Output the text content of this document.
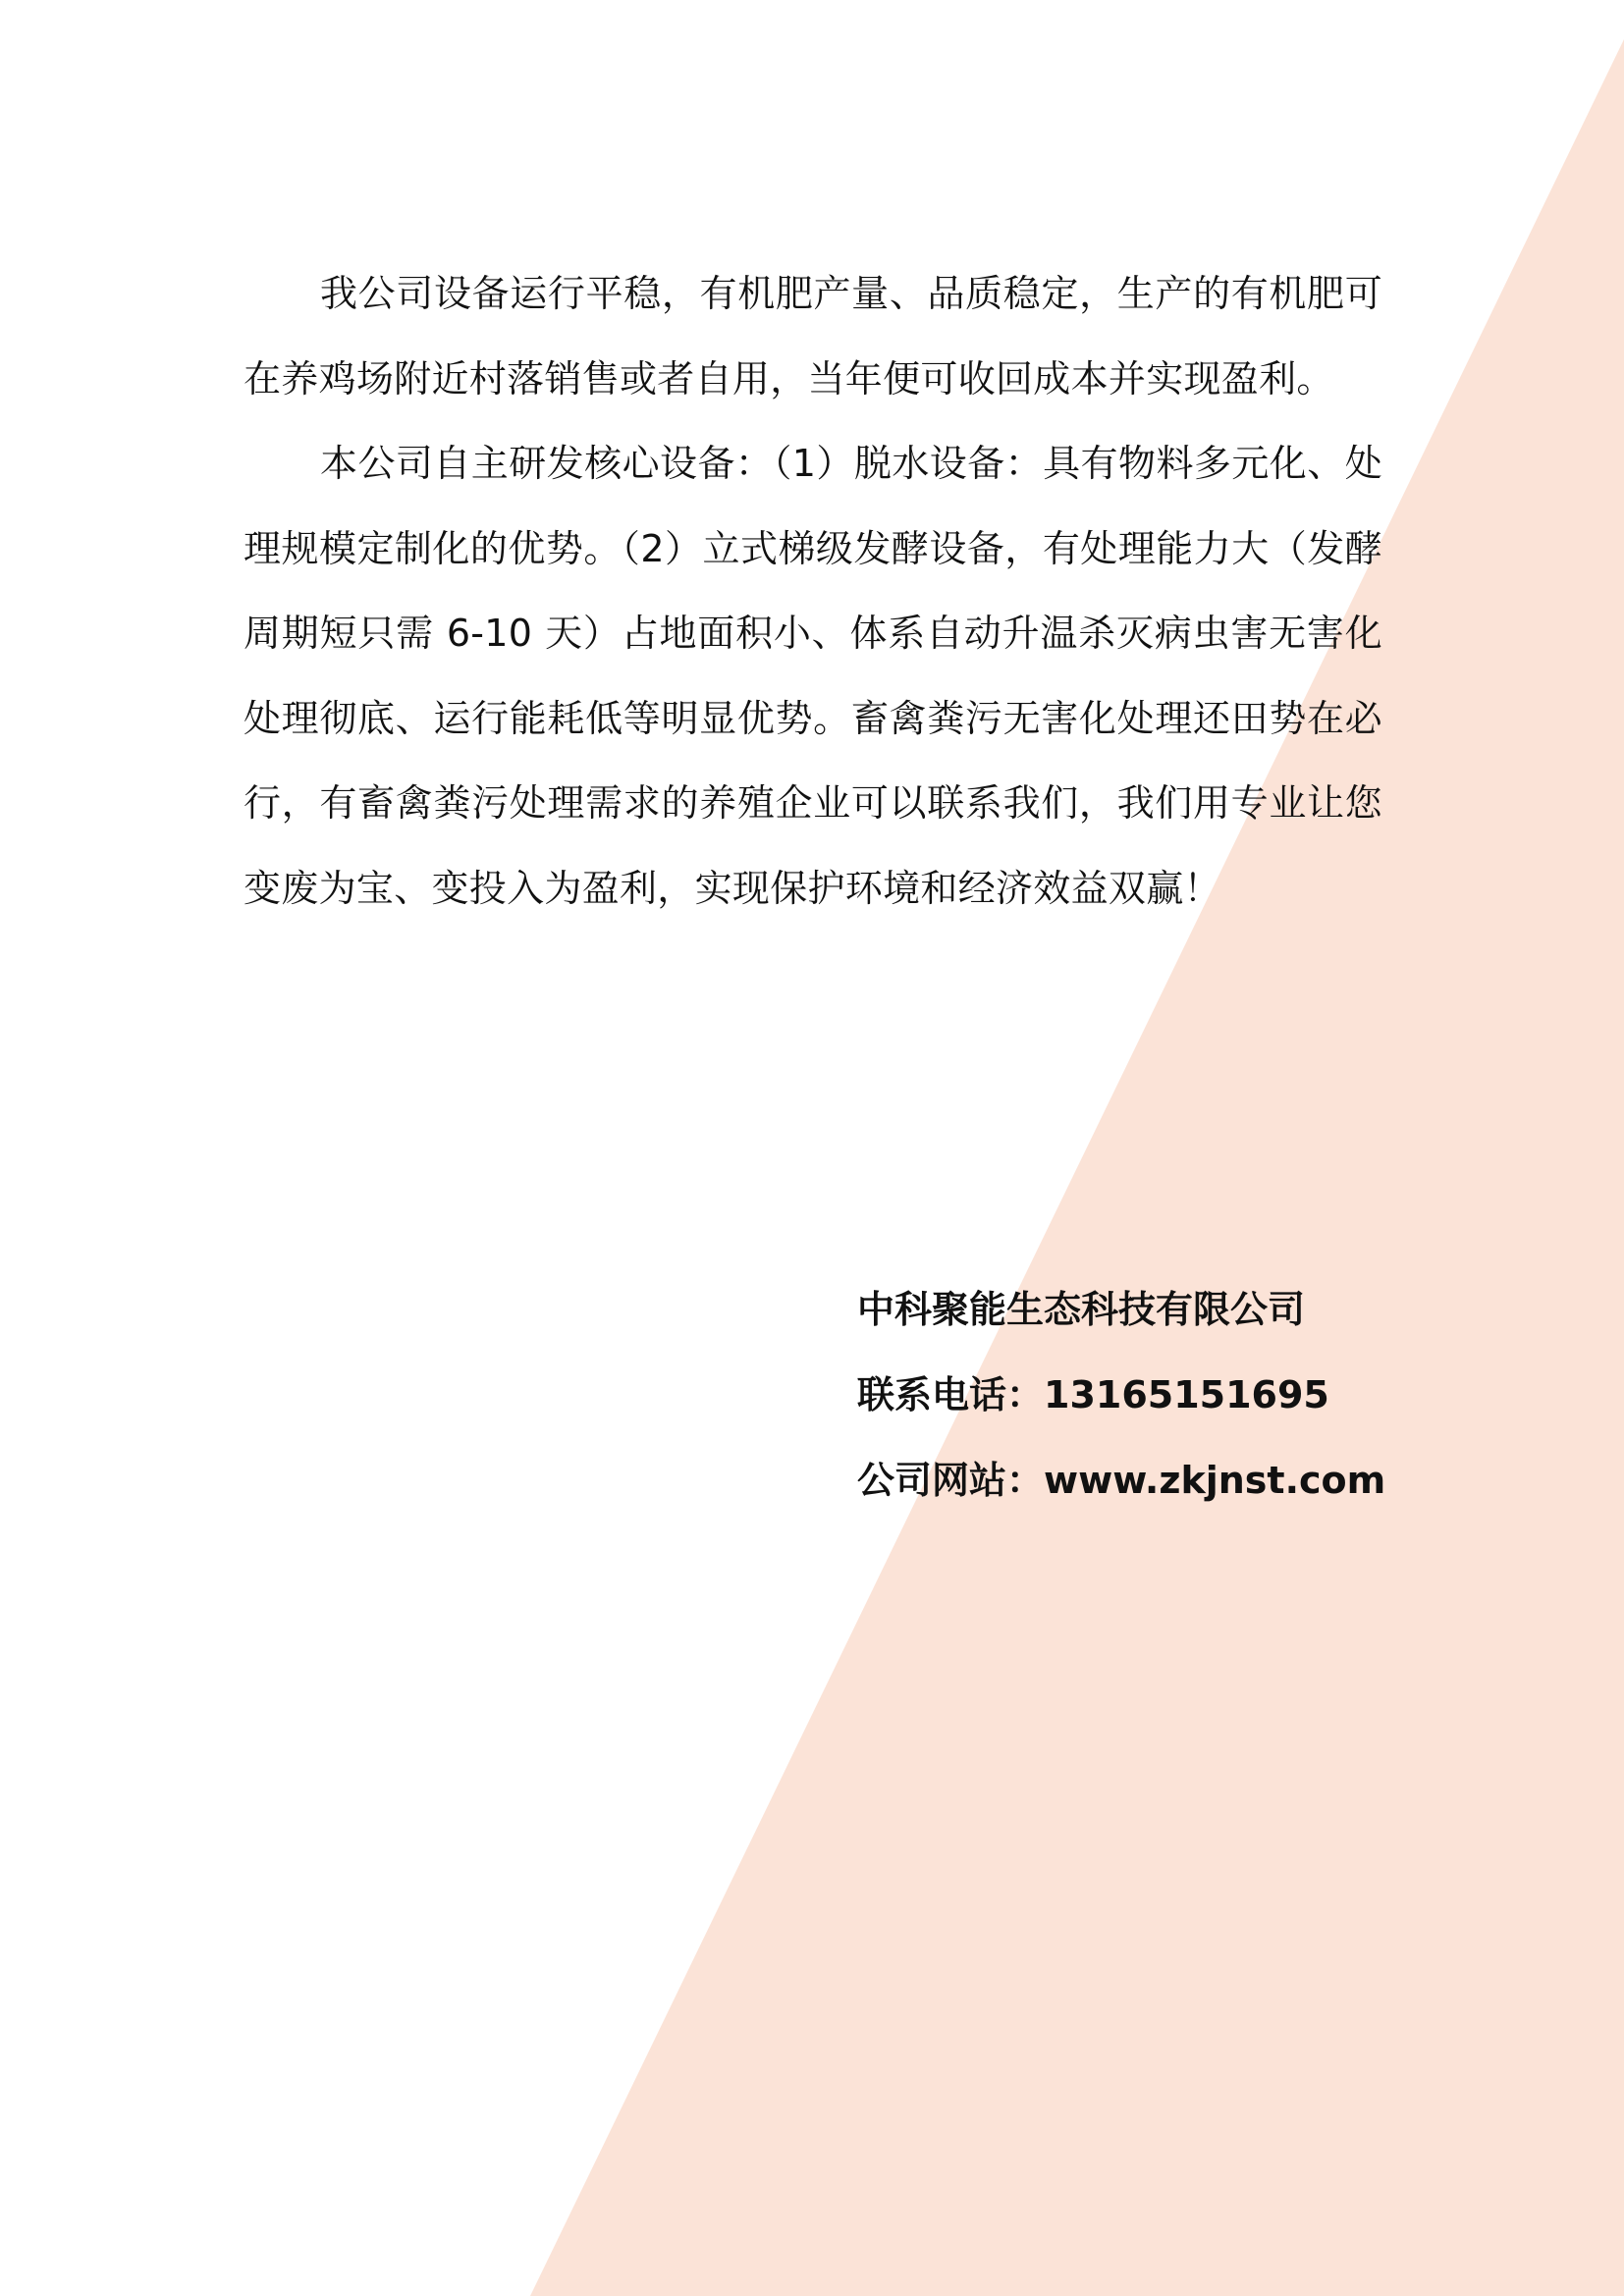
我公司设备运行平稳，有机肥产量、品质稳定，生产的有机肥可在养鸡场附近村落销售或者自用，当年便可收回成本并实现盈利。

本公司自主研发核心设备：（1）脱水设备：具有物料多元化、处理规模定制化的优势。（2）立式梯级发酵设备，有处理能力大（发酵周期短只需 6-10 天）占地面积小、体系自动升温杀灭病虫害无害化处理彻底、运行能耗低等明显优势。畜禽粪污无害化处理还田势在必行，有畜禽粪污处理需求的养殖企业可以联系我们，我们用专业让您变废为宝、变投入为盈利，实现保护环境和经济效益双赢！

中科聚能生态科技有限公司
联系电话：13165151695
公司网站：www.zkjnst.com
